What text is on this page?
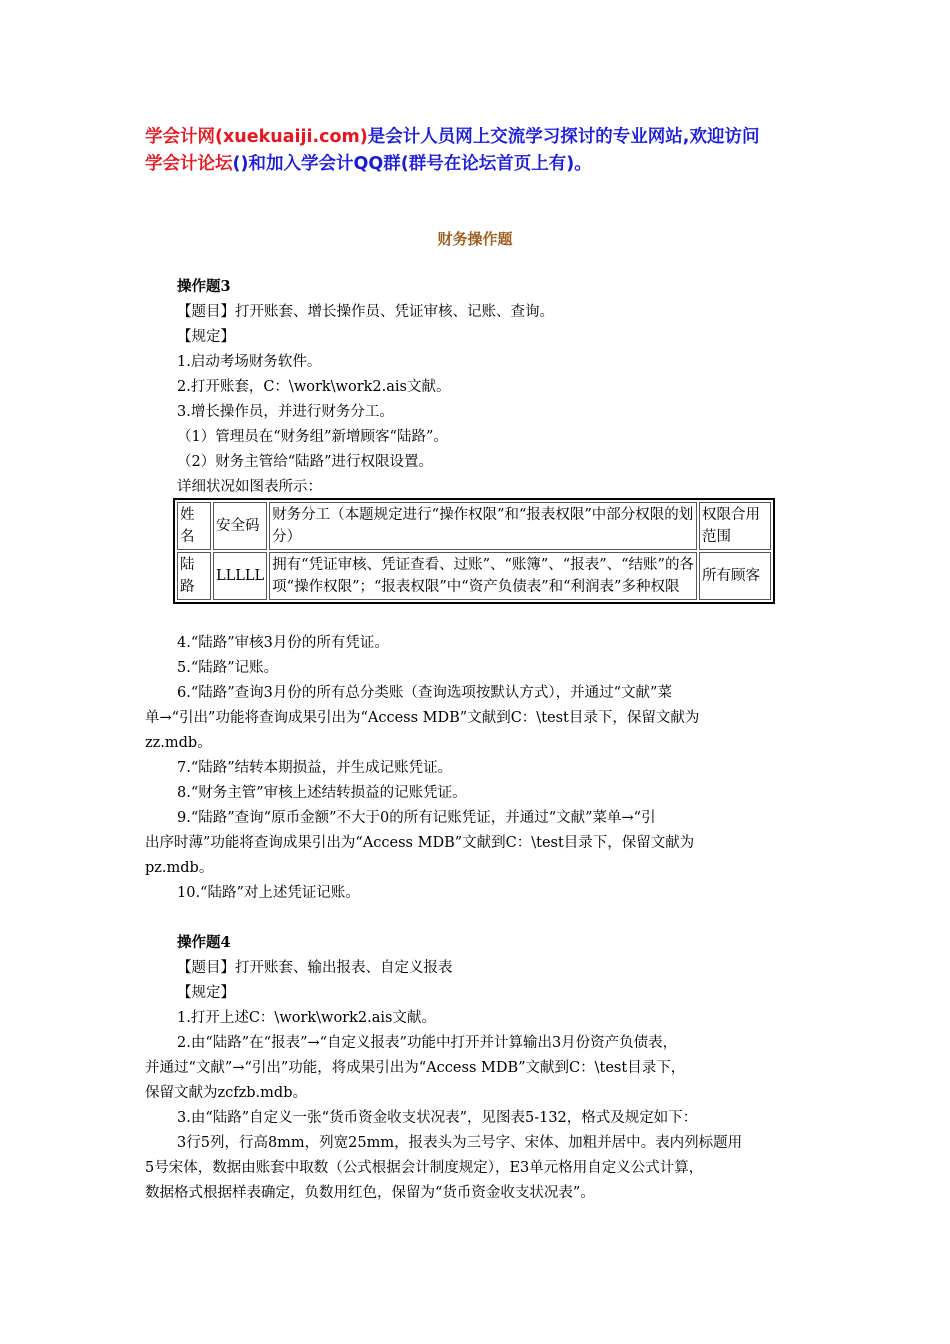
学会计网(xuekuaiji.com)是会计人员网上交流学习探讨的专业网站,欢迎访问
学会计论坛()和加入学会计QQ群(群号在论坛首页上有)。
财务操作题
操作题3
【题目】打开账套、增长操作员、凭证审核、记账、查询。
【规定】
1.启动考场财务软件。
2.打开账套，C：\work\work2.ais文献。
3.增长操作员，并进行财务分工。
（1）管理员在“财务组”新增顾客“陆路”。
（2）财务主管给“陆路”进行权限设置。
详细状况如图表所示：
姓名	安全码	财务分工（本题规定进行“操作权限”和“报表权限”中部分权限的划分）	权限合用范围
陆路	LLLLL	拥有“凭证审核、凭证查看、过账”、“账簿”、“报表”、“结账”的各项“操作权限”；“报表权限”中“资产负债表”和“利润表”多种权限	所有顾客
4.“陆路”审核3月份的所有凭证。
5.“陆路”记账。
6.“陆路”查询3月份的所有总分类账（查询选项按默认方式），并通过“文献”菜
单→“引出”功能将查询成果引出为“Access MDB”文献到C：\test目录下，保留文献为
zz.mdb。
7.“陆路”结转本期损益，并生成记账凭证。
8.“财务主管”审核上述结转损益的记账凭证。
9.“陆路”查询“原币金额”不大于0的所有记账凭证，并通过“文献”菜单→“引
出序时薄”功能将查询成果引出为“Access MDB”文献到C：\test目录下，保留文献为
pz.mdb。
10.“陆路”对上述凭证记账。
操作题4
【题目】打开账套、输出报表、自定义报表
【规定】
1.打开上述C：\work\work2.ais文献。
2.由“陆路”在“报表”→“自定义报表”功能中打开并计算输出3月份资产负债表，
并通过“文献”→“引出”功能，将成果引出为“Access MDB”文献到C：\test目录下，
保留文献为zcfzb.mdb。
3.由“陆路”自定义一张“货币资金收支状况表”，见图表5-132，格式及规定如下：
3行5列，行高8mm，列宽25mm，报表头为三号字、宋体、加粗并居中。表内列标题用
5号宋体，数据由账套中取数（公式根据会计制度规定），E3单元格用自定义公式计算，
数据格式根据样表确定，负数用红色，保留为“货币资金收支状况表”。
